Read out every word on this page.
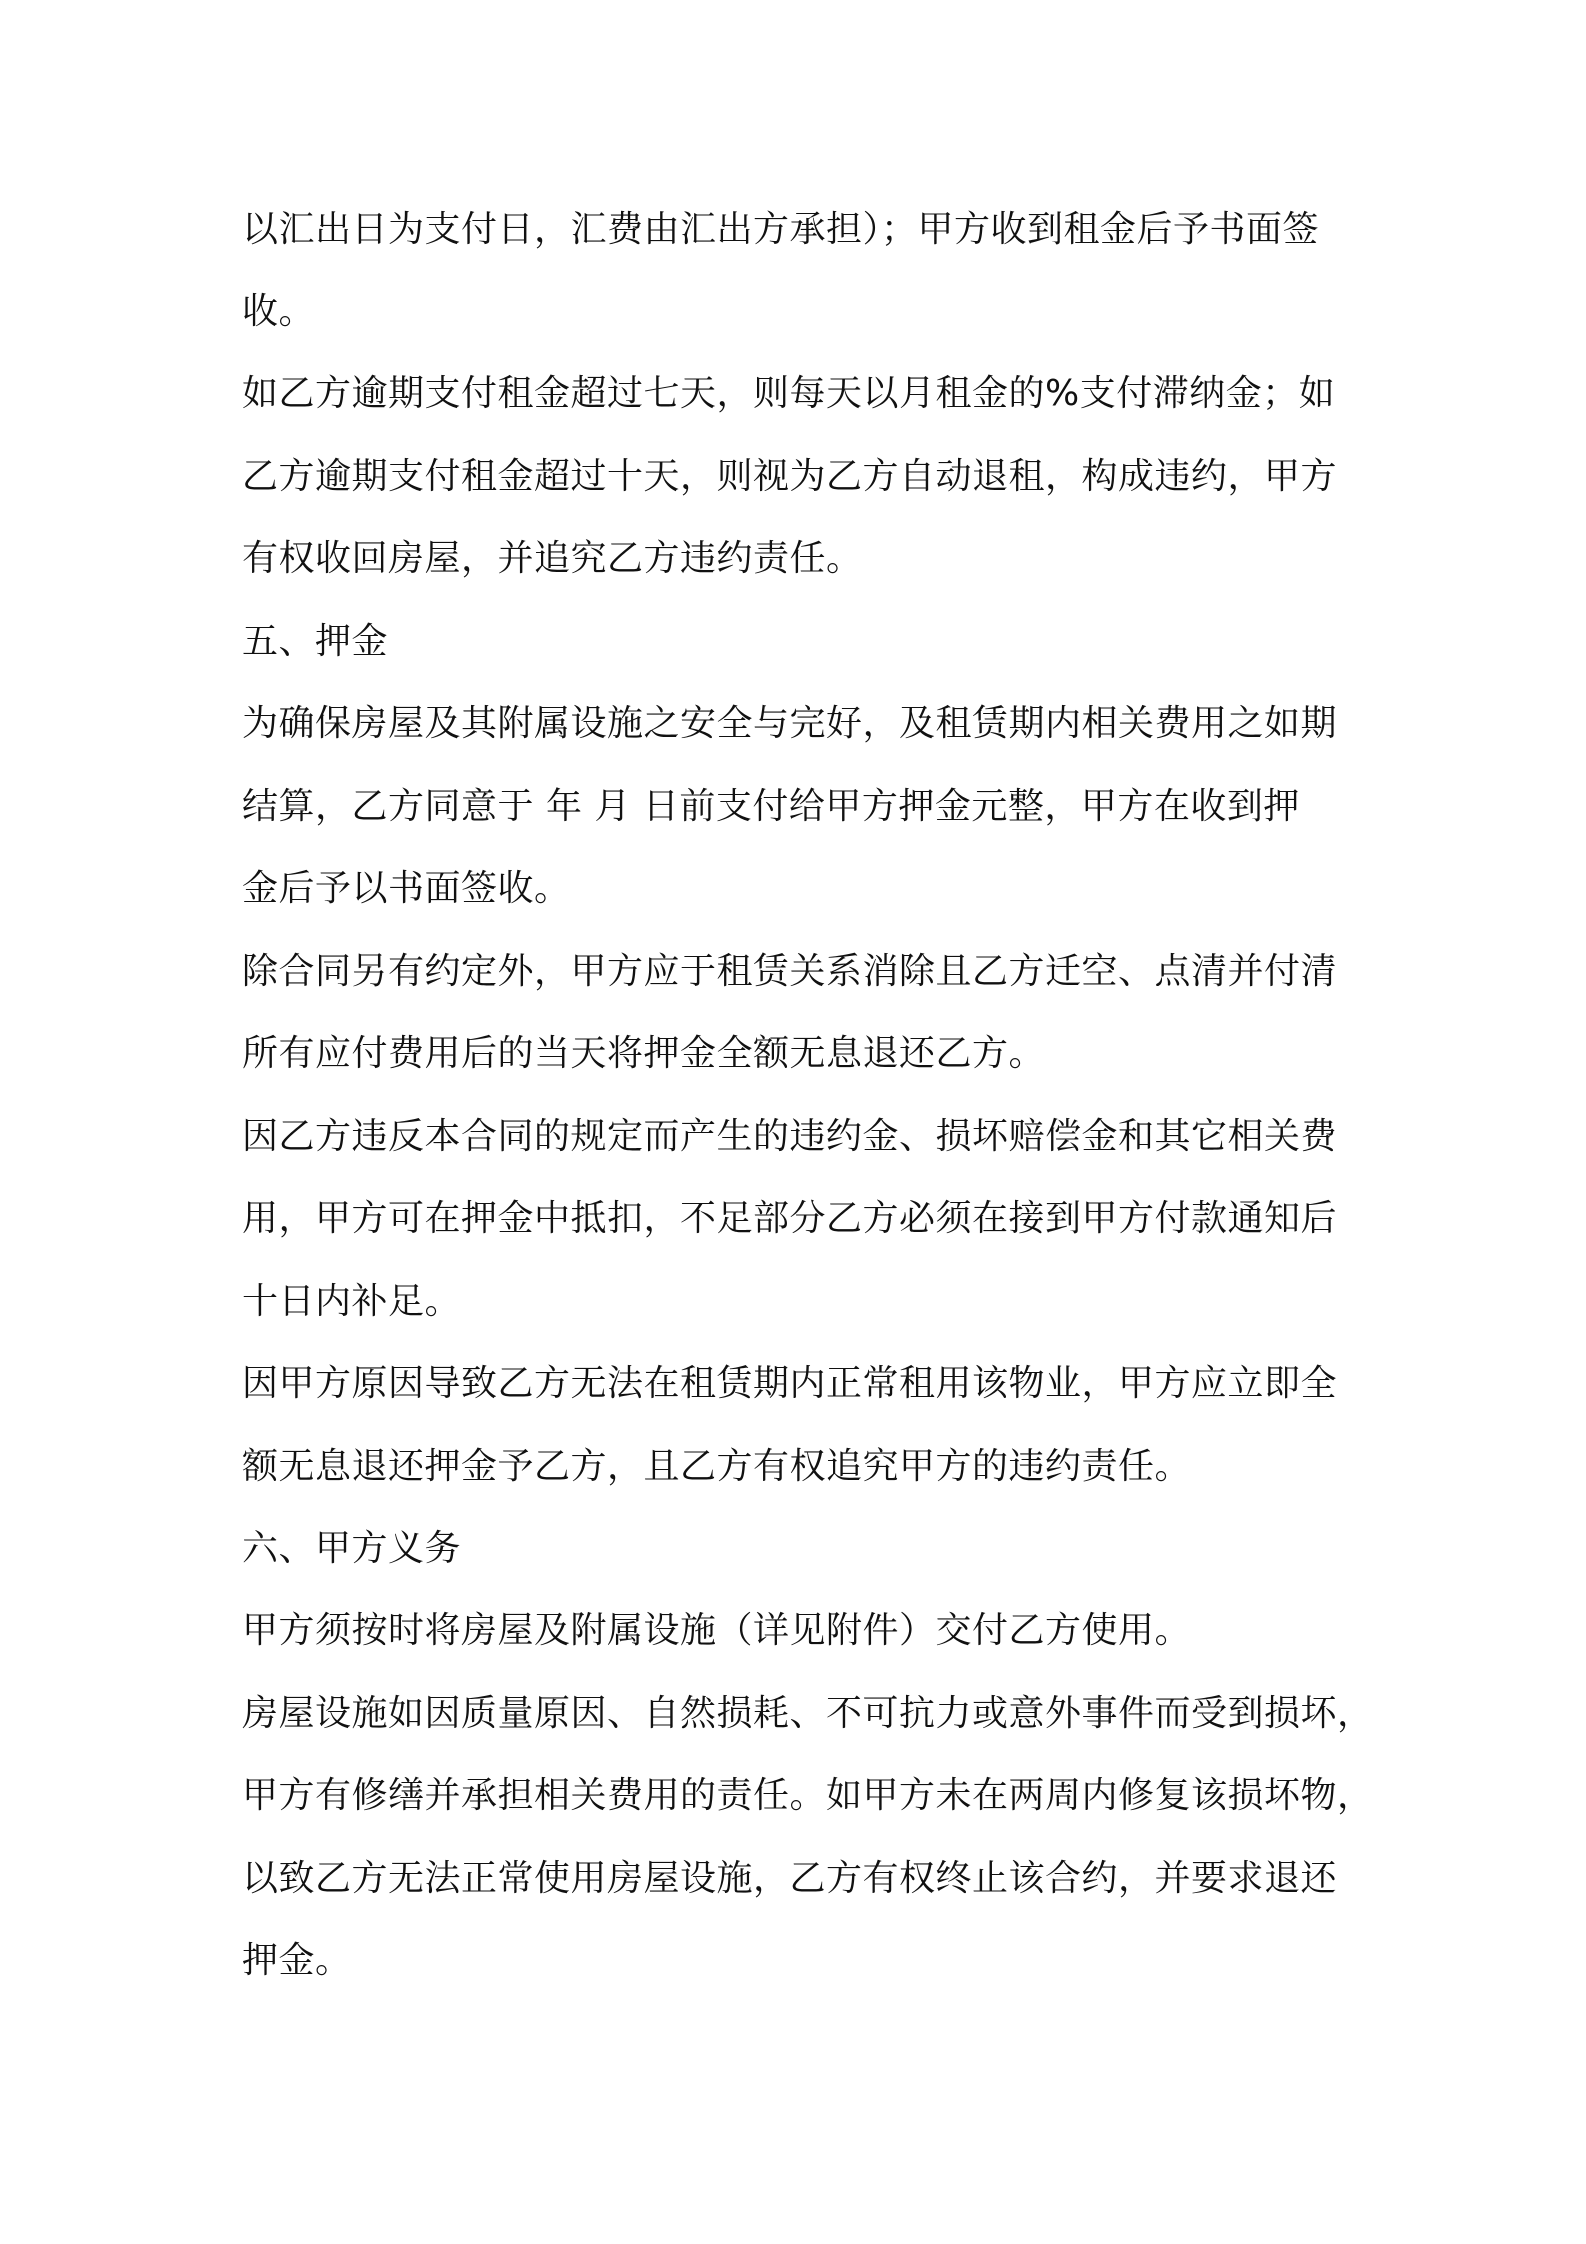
以汇出日为支付日，汇费由汇出方承担）；甲方收到租金后予书面签
收。
如乙方逾期支付租金超过七天，则每天以月租金的%支付滞纳金；如
乙方逾期支付租金超过十天，则视为乙方自动退租，构成违约，甲方
有权收回房屋，并追究乙方违约责任。
五、押金
为确保房屋及其附属设施之安全与完好，及租赁期内相关费用之如期
结算，乙方同意于 年 月 日前支付给甲方押金元整，甲方在收到押
金后予以书面签收。
除合同另有约定外，甲方应于租赁关系消除且乙方迁空、点清并付清
所有应付费用后的当天将押金全额无息退还乙方。
因乙方违反本合同的规定而产生的违约金、损坏赔偿金和其它相关费
用，甲方可在押金中抵扣，不足部分乙方必须在接到甲方付款通知后
十日内补足。
因甲方原因导致乙方无法在租赁期内正常租用该物业，甲方应立即全
额无息退还押金予乙方，且乙方有权追究甲方的违约责任。
六、甲方义务
甲方须按时将房屋及附属设施（详见附件）交付乙方使用。
房屋设施如因质量原因、自然损耗、不可抗力或意外事件而受到损坏，
甲方有修缮并承担相关费用的责任。如甲方未在两周内修复该损坏物，
以致乙方无法正常使用房屋设施，乙方有权终止该合约，并要求退还
押金。
